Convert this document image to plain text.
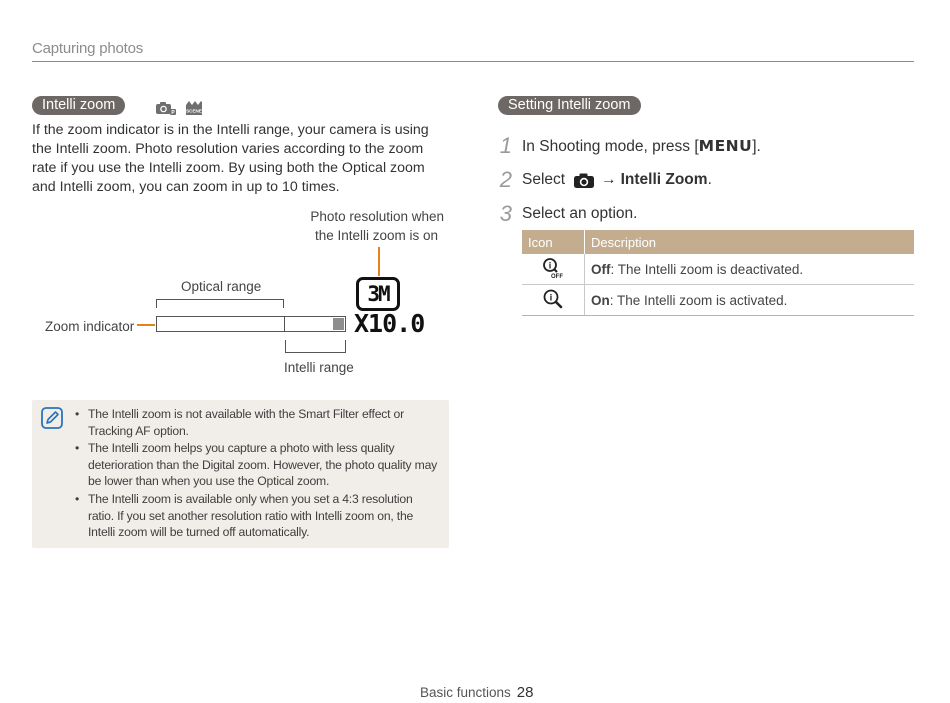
Capturing photos
Intelli zoom	P SCENE
If the zoom indicator is in the Intelli range, your camera is using the Intelli zoom. Photo resolution varies according to the zoom rate if you use the Intelli zoom. By using both the Optical zoom and Intelli zoom, you can zoom in up to 10 times.
Photo resolution when
the Intelli zoom is on
Optical range
Zoom indicator
Intelli range
3M
X10.0
• The Intelli zoom is not available with the Smart Filter effect or Tracking AF option.
• The Intelli zoom helps you capture a photo with less quality deterioration than the Digital zoom. However, the photo quality may be lower than when you use the Optical zoom.
• The Intelli zoom is available only when you set a 4:3 resolution ratio. If you set another resolution ratio with Intelli zoom on, the Intelli zoom will be turned off automatically.
Setting Intelli zoom
1 In Shooting mode, press [MENU].
2 Select → Intelli Zoom .
3 Select an option.
Icon	Description

i
OFF	Off: The Intelli zoom is deactivated.

i	On: The Intelli zoom is activated.
Basic functions 28
